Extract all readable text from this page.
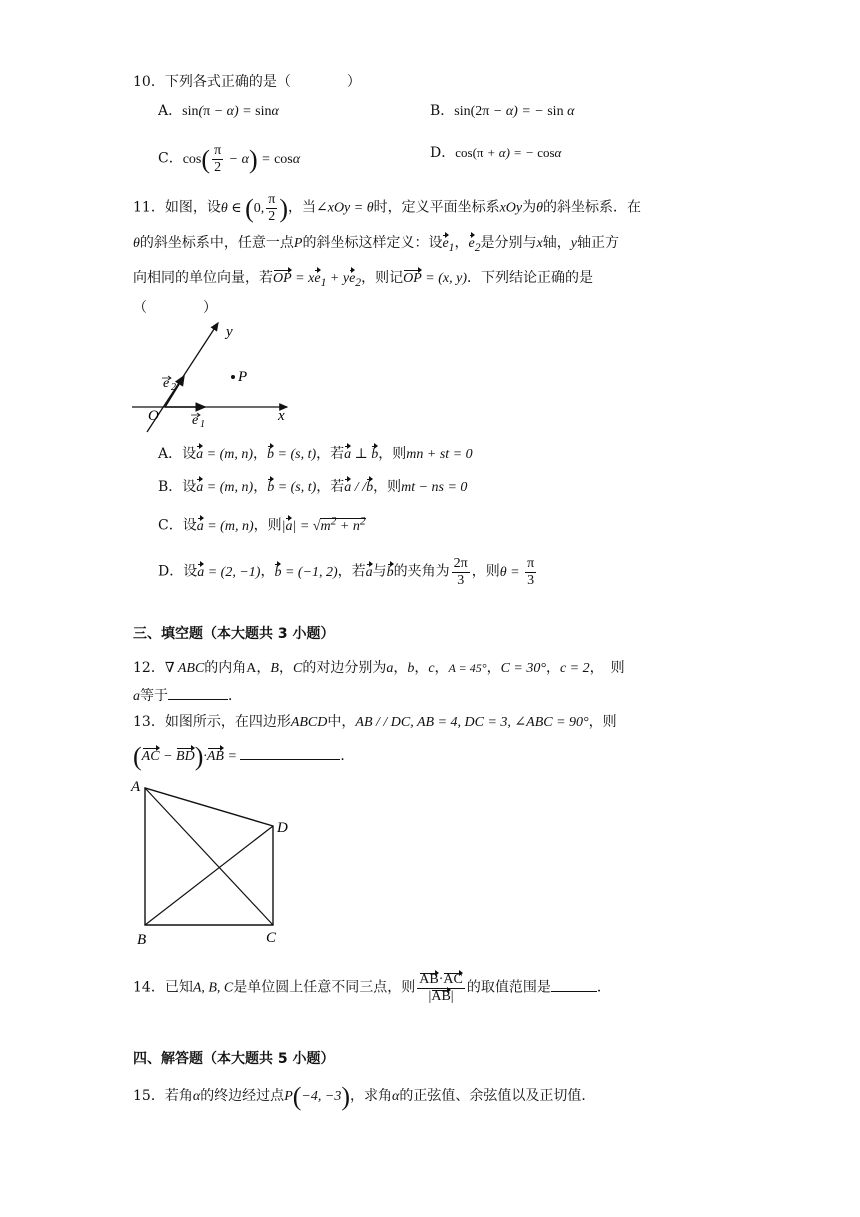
10．下列各式正确的是（　　　　）
A．sin(π − α) = sinα	B．sin(2π − α) = − sin α
C．$\cos( \frac{\pi}{2} - \alpha) = \cos\alpha$	D．cos(π + α) = − cosα
11．如图，设θ ∈ (0, $\frac{\pi}{2}$ )，当∠xOy = θ时，定义平面坐标系xOy为θ的斜坐标系．在
θ的斜坐标系中，任意一点P的斜坐标这样定义：设$e_1$，$e_2$是分别与x轴，y轴正方
向相同的单位向量，若OP = $xe_1 + ye_2$，则记OP = (x, y)．下列结论正确的是
（　　　　）
y
x
O
P
e 2
e 1
A．设a = (m, n)，b = (s, t)，若a ⊥ b，则mn + st = 0
B．设a = (m, n)，b = (s, t)，若a / /b，则mt − ns = 0
C．设a = (m, n)，则$|a| = √m^2 + n^2$
D．设a = (2, −1)，b = (−1, 2)，若a与b的夹角为 $\frac{2\pi}{3}$ ，则$\theta = \frac{\pi}{3}$
三、填空题（本大题共 3 小题）
12．∇ ABC的内角A，B，C的对边分别为a，b，c，A = 45°，C = 30°，c = 2，　则
a等于	．
13．如图所示，在四边形ABCD中，AB / / DC, AB = 4, DC = 3, ∠ABC = 90°，则
(AC − BD)·AB =	．
A
B	C
D
14．已知A, B, C是单位圆上任意不同三点，则 $\frac{AB\cdot AC}{|AB|}$ 的取值范围是	．
四、解答题（本大题共 5 小题）
15．若角α的终边经过点P(−4, −3)，求角α的正弦值、余弦值以及正切值．
